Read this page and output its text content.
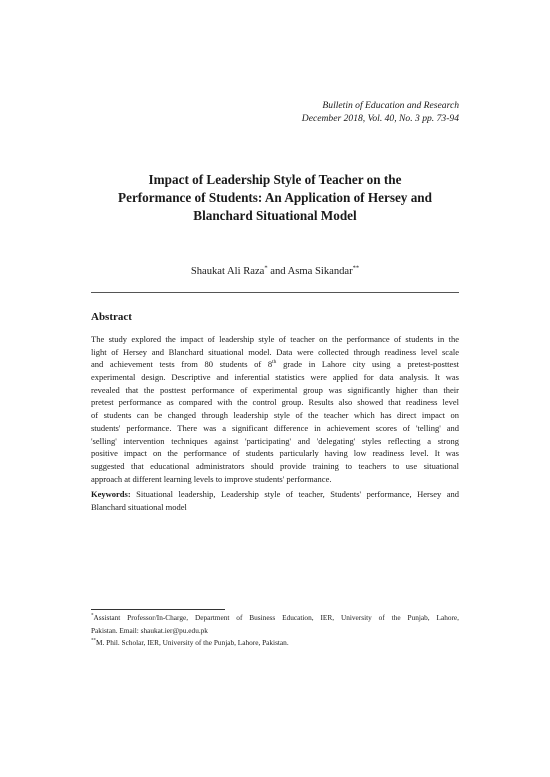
Bulletin of Education and Research
December 2018, Vol. 40, No. 3 pp. 73-94
Impact of Leadership Style of Teacher on the
Performance of Students: An Application of Hersey and
Blanchard Situational Model
Shaukat Ali Raza* and Asma Sikandar**
Abstract
The study explored the impact of leadership style of teacher on the performance of students in the
light of Hersey and Blanchard situational model. Data were collected through readiness level scale
and achievement tests from 80 students of 8th grade in Lahore city using a pretest-posttest
experimental design. Descriptive and inferential statistics were applied for data analysis. It was
revealed that the posttest performance of experimental group was significantly higher than their
pretest performance as compared with the control group. Results also showed that readiness level
of students can be changed through leadership style of the teacher which has direct impact on
students' performance. There was a significant difference in achievement scores of 'telling' and
'selling' intervention techniques against 'participating' and 'delegating' styles reflecting a strong
positive impact on the performance of students particularly having low readiness level. It was
suggested that educational administrators should provide training to teachers to use situational
approach at different learning levels to improve students' performance.
Keywords: Situational leadership, Leadership style of teacher, Students' performance, Hersey and
Blanchard situational model
*Assistant Professor/In-Charge, Department of Business Education, IER, University of the Punjab, Lahore,
Pakistan. Email: shaukat.ier@pu.edu.pk
**M. Phil. Scholar, IER, University of the Punjab, Lahore, Pakistan.
